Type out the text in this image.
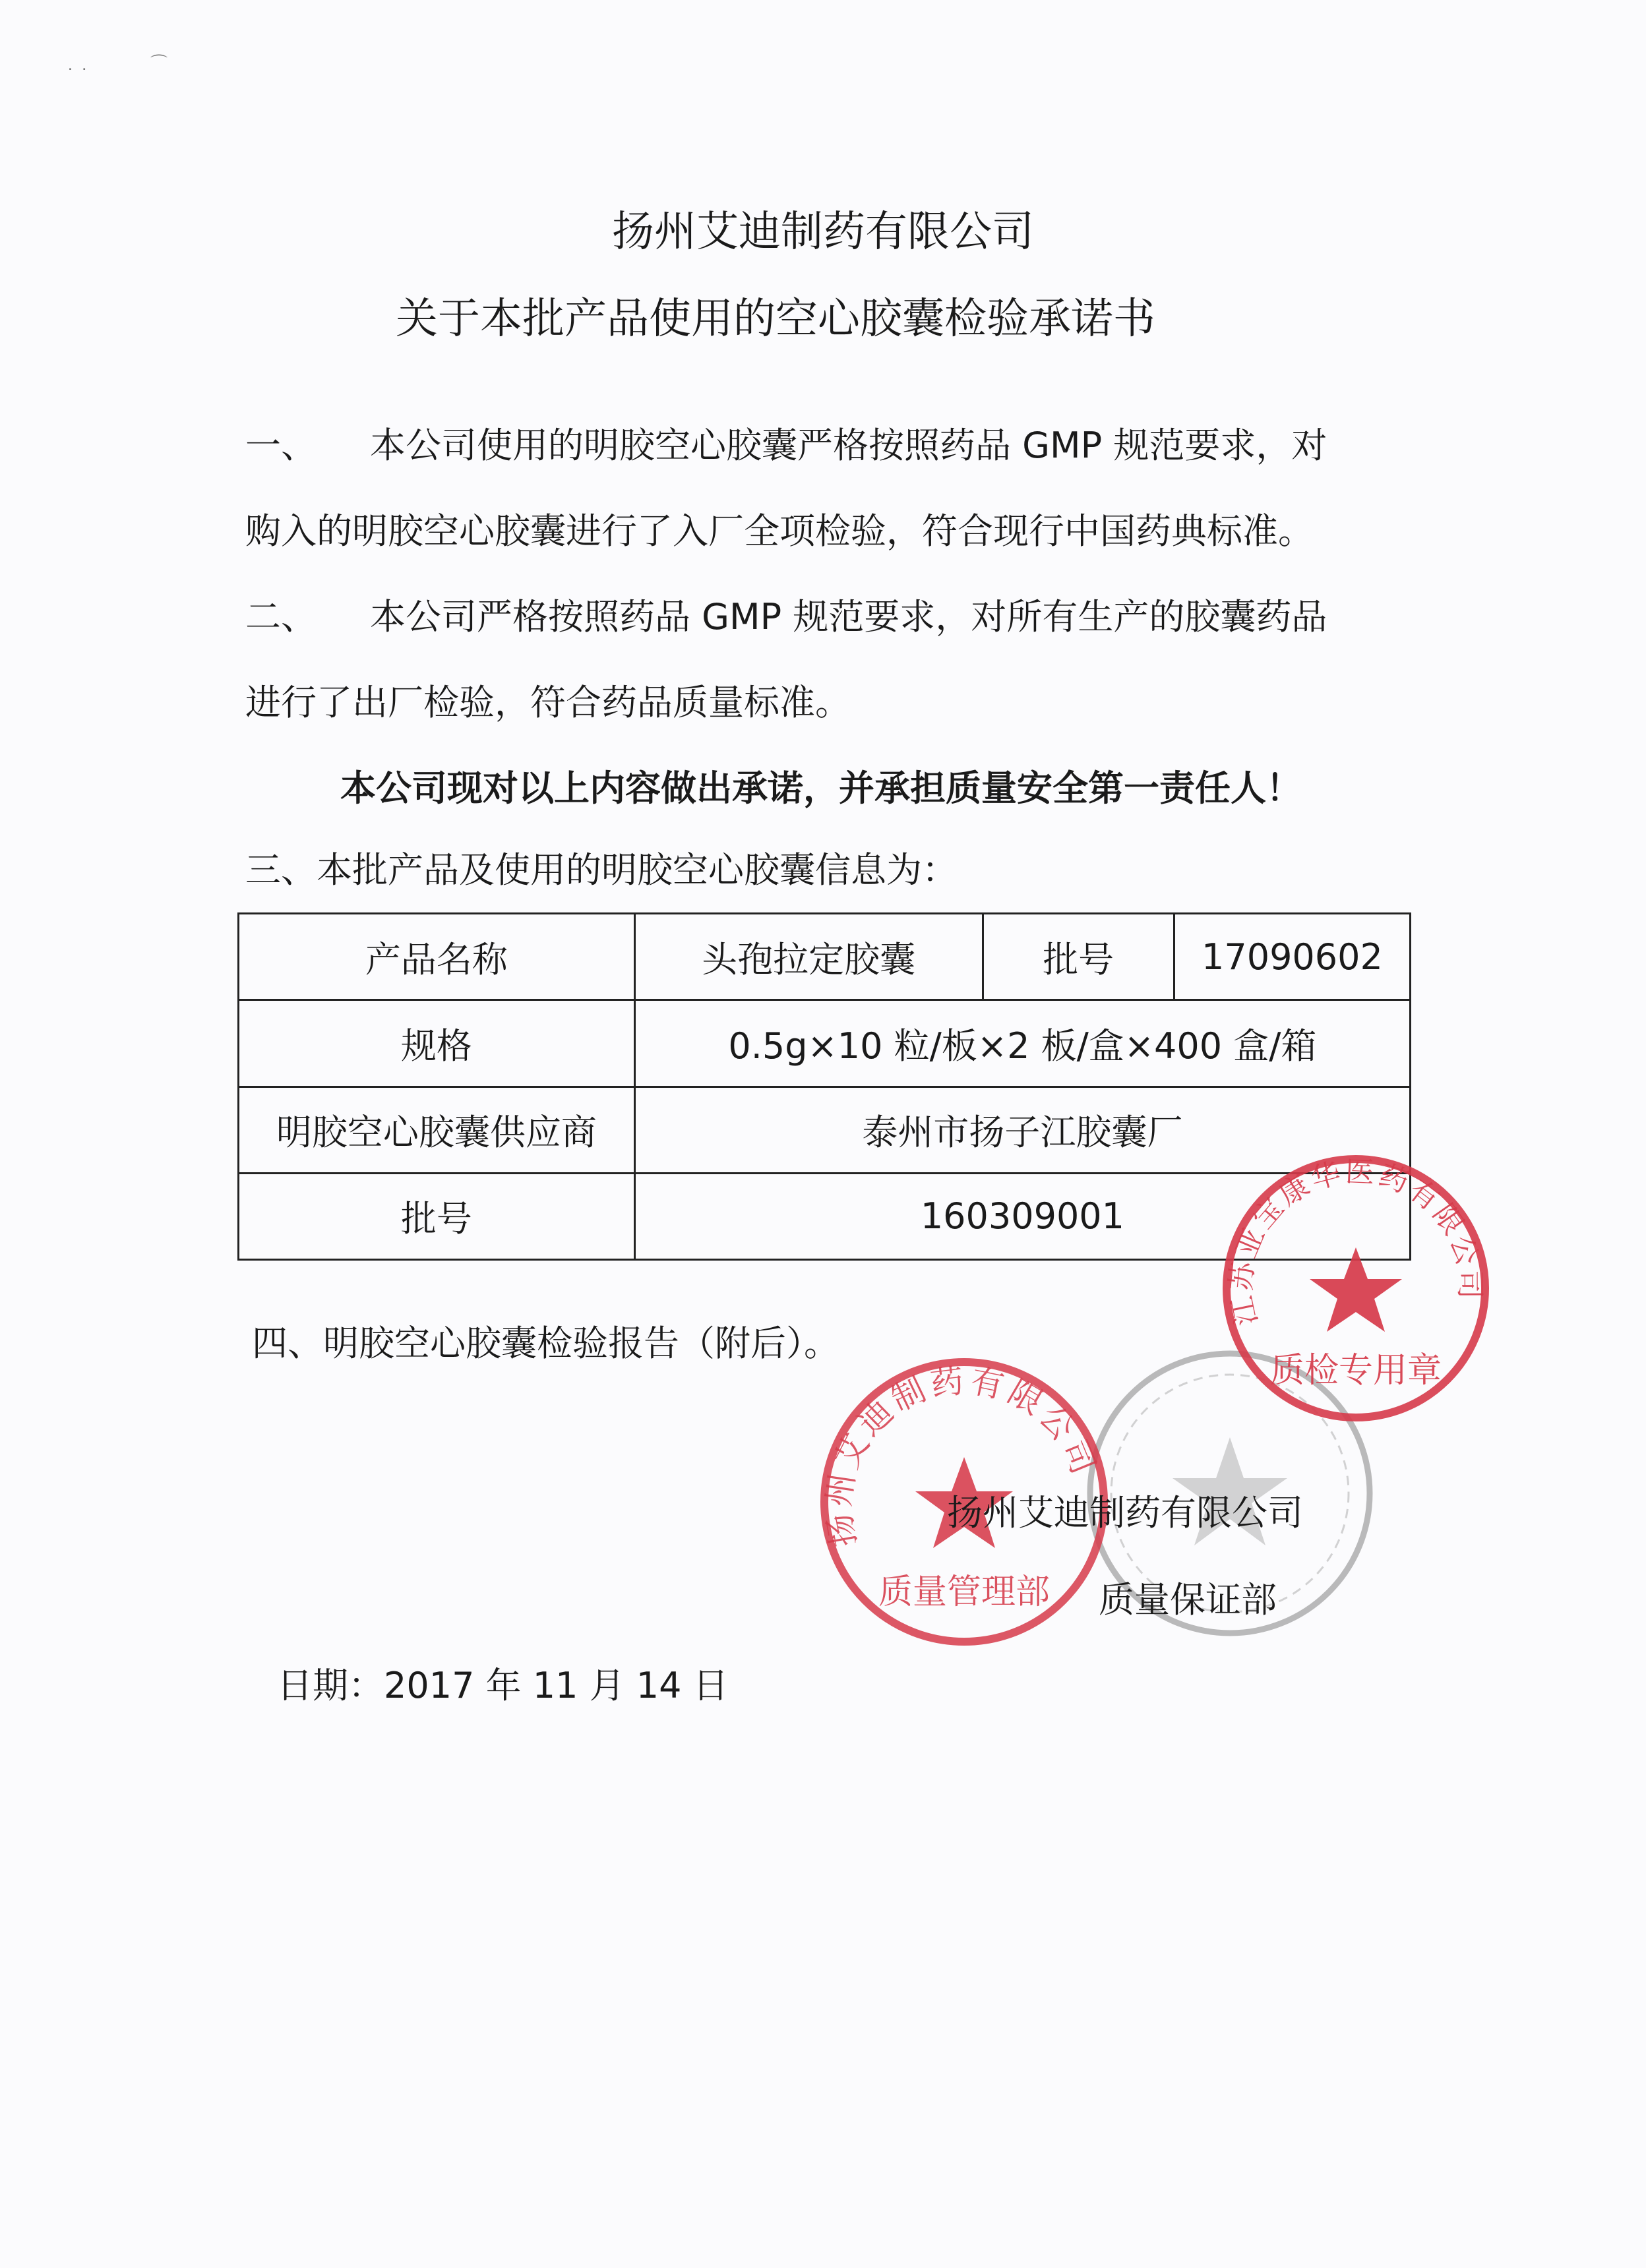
˙ ˙
⌒
扬州艾迪制药有限公司
关于本批产品使用的空心胶囊检验承诺书
一、　　本公司使用的明胶空心胶囊严格按照药品 GMP 规范要求，对
购入的明胶空心胶囊进行了入厂全项检验，符合现行中国药典标准。
二、　　本公司严格按照药品 GMP 规范要求，对所有生产的胶囊药品
进行了出厂检验，符合药品质量标准。
本公司现对以上内容做出承诺，并承担质量安全第一责任人！
三、本批产品及使用的明胶空心胶囊信息为：
产品名称	头孢拉定胶囊	批号	17090602
规格	0.5g×10 粒/板×2 板/盒×400 盒/箱		
明胶空心胶囊供应商	泰州市扬子江胶囊厂		
批号	160309001		
四、明胶空心胶囊检验报告（附后）。
江苏亚宝康华医药有限公司
质检专用章
扬州艾迪制药有限公司
质量管理部
扬州艾迪制药有限公司
质量保证部
日期：2017 年 11 月 14 日
